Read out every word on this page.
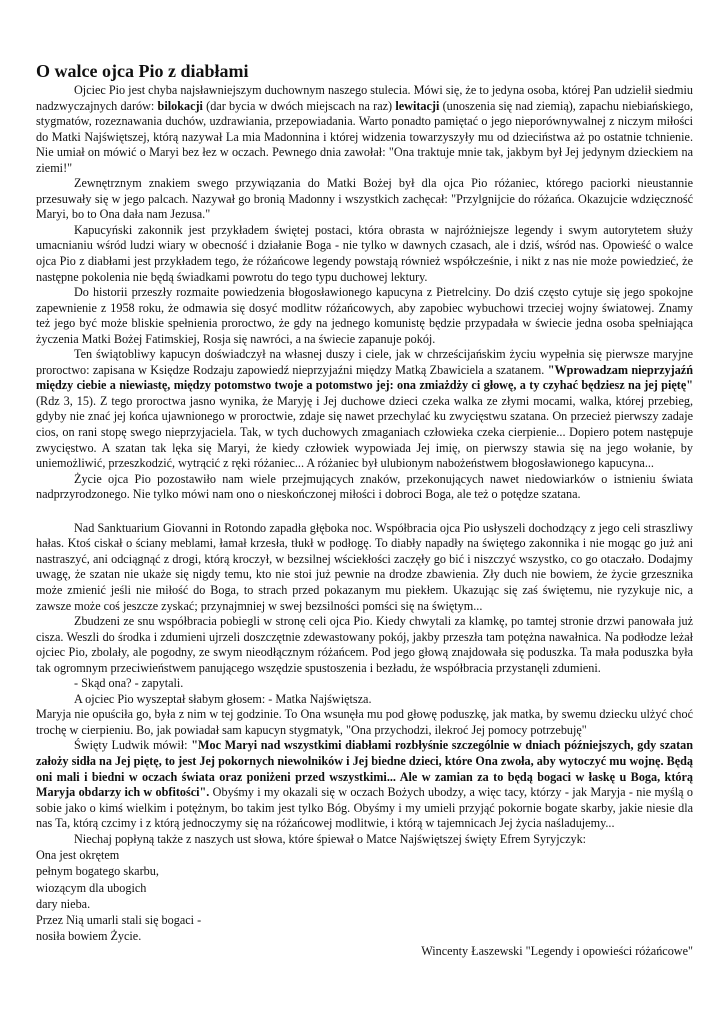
O walce ojca Pio z diabłami

Ojciec Pio jest chyba najsławniejszym duchownym naszego stulecia. Mówi się, że to jedyna osoba, której Pan udzielił siedmiu nadzwyczajnych darów: bilokacji (dar bycia w dwóch miejscach na raz) lewitacji (unoszenia się nad ziemią), zapachu niebiańskiego, stygmatów, rozeznawania duchów, uzdrawiania, przepowiadania. Warto ponadto pamiętać o jego nieporównywalnej z niczym miłości do Matki Najświętszej, którą nazywał La mia Madonnina i której widzenia towarzyszyły mu od dzieciństwa aż po ostatnie tchnienie. Nie umiał on mówić o Maryi bez łez w oczach. Pewnego dnia zawołał: "Ona traktuje mnie tak, jakbym był Jej jedynym dzieckiem na ziemi!"

Zewnętrznym znakiem swego przywiązania do Matki Bożej był dla ojca Pio różaniec, którego paciorki nieustannie przesuwały się w jego palcach. Nazywał go bronią Madonny i wszystkich zachęcał: "Przylgnijcie do różańca. Okazujcie wdzięczność Maryi, bo to Ona dała nam Jezusa."

Kapucyński zakonnik jest przykładem świętej postaci, która obrasta w najróżniejsze legendy i swym autorytetem służy umacnianiu wśród ludzi wiary w obecność i działanie Boga - nie tylko w dawnych czasach, ale i dziś, wśród nas. Opowieść o walce ojca Pio z diabłami jest przykładem tego, że różańcowe legendy powstają również współcześnie, i nikt z nas nie może powiedzieć, że następne pokolenia nie będą świadkami powrotu do tego typu duchowej lektury.

Do historii przeszły rozmaite powiedzenia błogosławionego kapucyna z Pietrelciny. Do dziś często cytuje się jego spokojne zapewnienie z 1958 roku, że odmawia się dosyć modlitw różańcowych, aby zapobiec wybuchowi trzeciej wojny światowej. Znamy też jego być może bliskie spełnienia proroctwo, że gdy na jednego komunistę będzie przypadała w świecie jedna osoba spełniająca życzenia Matki Bożej Fatimskiej, Rosja się nawróci, a na świecie zapanuje pokój.

Ten świątobliwy kapucyn doświadczył na własnej duszy i ciele, jak w chrześcijańskim życiu wypełnia się pierwsze maryjne proroctwo: zapisana w Księdze Rodzaju zapowiedź nieprzyjaźni między Matką Zbawiciela a szatanem. "Wprowadzam nieprzyjaźń między ciebie a niewiastę, między potomstwo twoje a potomstwo jej: ona zmiażdży ci głowę, a ty czyhać będziesz na jej piętę" (Rdz 3, 15). Z tego proroctwa jasno wynika, że Maryję i Jej duchowe dzieci czeka walka ze złymi mocami, walka, której przebieg, gdyby nie znać jej końca ujawnionego w proroctwie, zdaje się nawet przechylać ku zwycięstwu szatana. On przecież pierwszy zadaje cios, on rani stopę swego nieprzyjaciela. Tak, w tych duchowych zmaganiach człowieka czeka cierpienie... Dopiero potem następuje zwycięstwo. A szatan tak lęka się Maryi, że kiedy człowiek wypowiada Jej imię, on pierwszy stawia się na jego wołanie, by uniemożliwić, przeszkodzić, wytrącić z ręki różaniec... A różaniec był ulubionym nabożeństwem błogosławionego kapucyna...

Życie ojca Pio pozostawiło nam wiele przejmujących znaków, przekonujących nawet niedowiarków o istnieniu świata nadprzyrodzonego. Nie tylko mówi nam ono o nieskończonej miłości i dobroci Boga, ale też o potędze szatana.

Nad Sanktuarium Giovanni in Rotondo zapadła głęboka noc. Współbracia ojca Pio usłyszeli dochodzący z jego celi straszliwy hałas. Ktoś ciskał o ściany meblami, łamał krzesła, tłukł w podłogę. To diabły napadły na świętego zakonnika i nie mogąc go już ani nastraszyć, ani odciągnąć z drogi, którą kroczył, w bezsilnej wściekłości zaczęły go bić i niszczyć wszystko, co go otaczało. Dodajmy uwagę, że szatan nie ukaże się nigdy temu, kto nie stoi już pewnie na drodze zbawienia. Zły duch nie bowiem, że życie grzesznika może zmienić jeśli nie miłość do Boga, to strach przed pokazanym mu piekłem. Ukazując się zaś świętemu, nie ryzykuje nic, a zawsze może coś jeszcze zyskać; przynajmniej w swej bezsilności pomści się na świętym...

Zbudzeni ze snu współbracia pobiegli w stronę celi ojca Pio. Kiedy chwytali za klamkę, po tamtej stronie drzwi panowała już cisza. Weszli do środka i zdumieni ujrzeli doszczętnie zdewastowany pokój, jakby przeszła tam potężna nawałnica. Na podłodze leżał ojciec Pio, zbolały, ale pogodny, ze swym nieodłącznym różańcem. Pod jego głową znajdowała się poduszka. Ta mała poduszka była tak ogromnym przeciwieństwem panującego wszędzie spustoszenia i bezładu, że współbracia przystanęli zdumieni.

- Skąd ona? - zapytali.

A ojciec Pio wyszeptał słabym głosem: - Matka Najświętsza.

Maryja nie opuściła go, była z nim w tej godzinie. To Ona wsunęła mu pod głowę poduszkę, jak matka, by swemu dziecku ulżyć choć trochę w cierpieniu. Bo, jak powiadał sam kapucyn stygmatyk, "Ona przychodzi, ilekroć Jej pomocy potrzebuję"

Święty Ludwik mówił: "Moc Maryi nad wszystkimi diabłami rozbłyśnie szczególnie w dniach późniejszych, gdy szatan założy sidła na Jej piętę, to jest Jej pokornych niewolników i Jej biedne dzieci, które Ona zwoła, aby wytoczyć mu wojnę. Będą oni mali i biedni w oczach świata oraz poniżeni przed wszystkimi... Ale w zamian za to będą bogaci w łaskę u Boga, którą Maryja obdarzy ich w obfitości". Obyśmy i my okazali się w oczach Bożych ubodzy, a więc tacy, którzy - jak Maryja - nie myślą o sobie jako o kimś wielkim i potężnym, bo takim jest tylko Bóg. Obyśmy i my umieli przyjąć pokornie bogate skarby, jakie niesie dla nas Ta, którą czcimy i z którą jednoczymy się na różańcowej modlitwie, i którą w tajemnicach Jej życia naśladujemy...

Niechaj popłyną także z naszych ust słowa, które śpiewał o Matce Najświętszej święty Efrem Syryjczyk:

Ona jest okrętem
pełnym bogatego skarbu,
wiozącym dla ubogich
dary nieba.
Przez Nią umarli stali się bogaci -
nosiła bowiem Życie.
Wincenty Łaszewski "Legendy i opowieści różańcowe"
